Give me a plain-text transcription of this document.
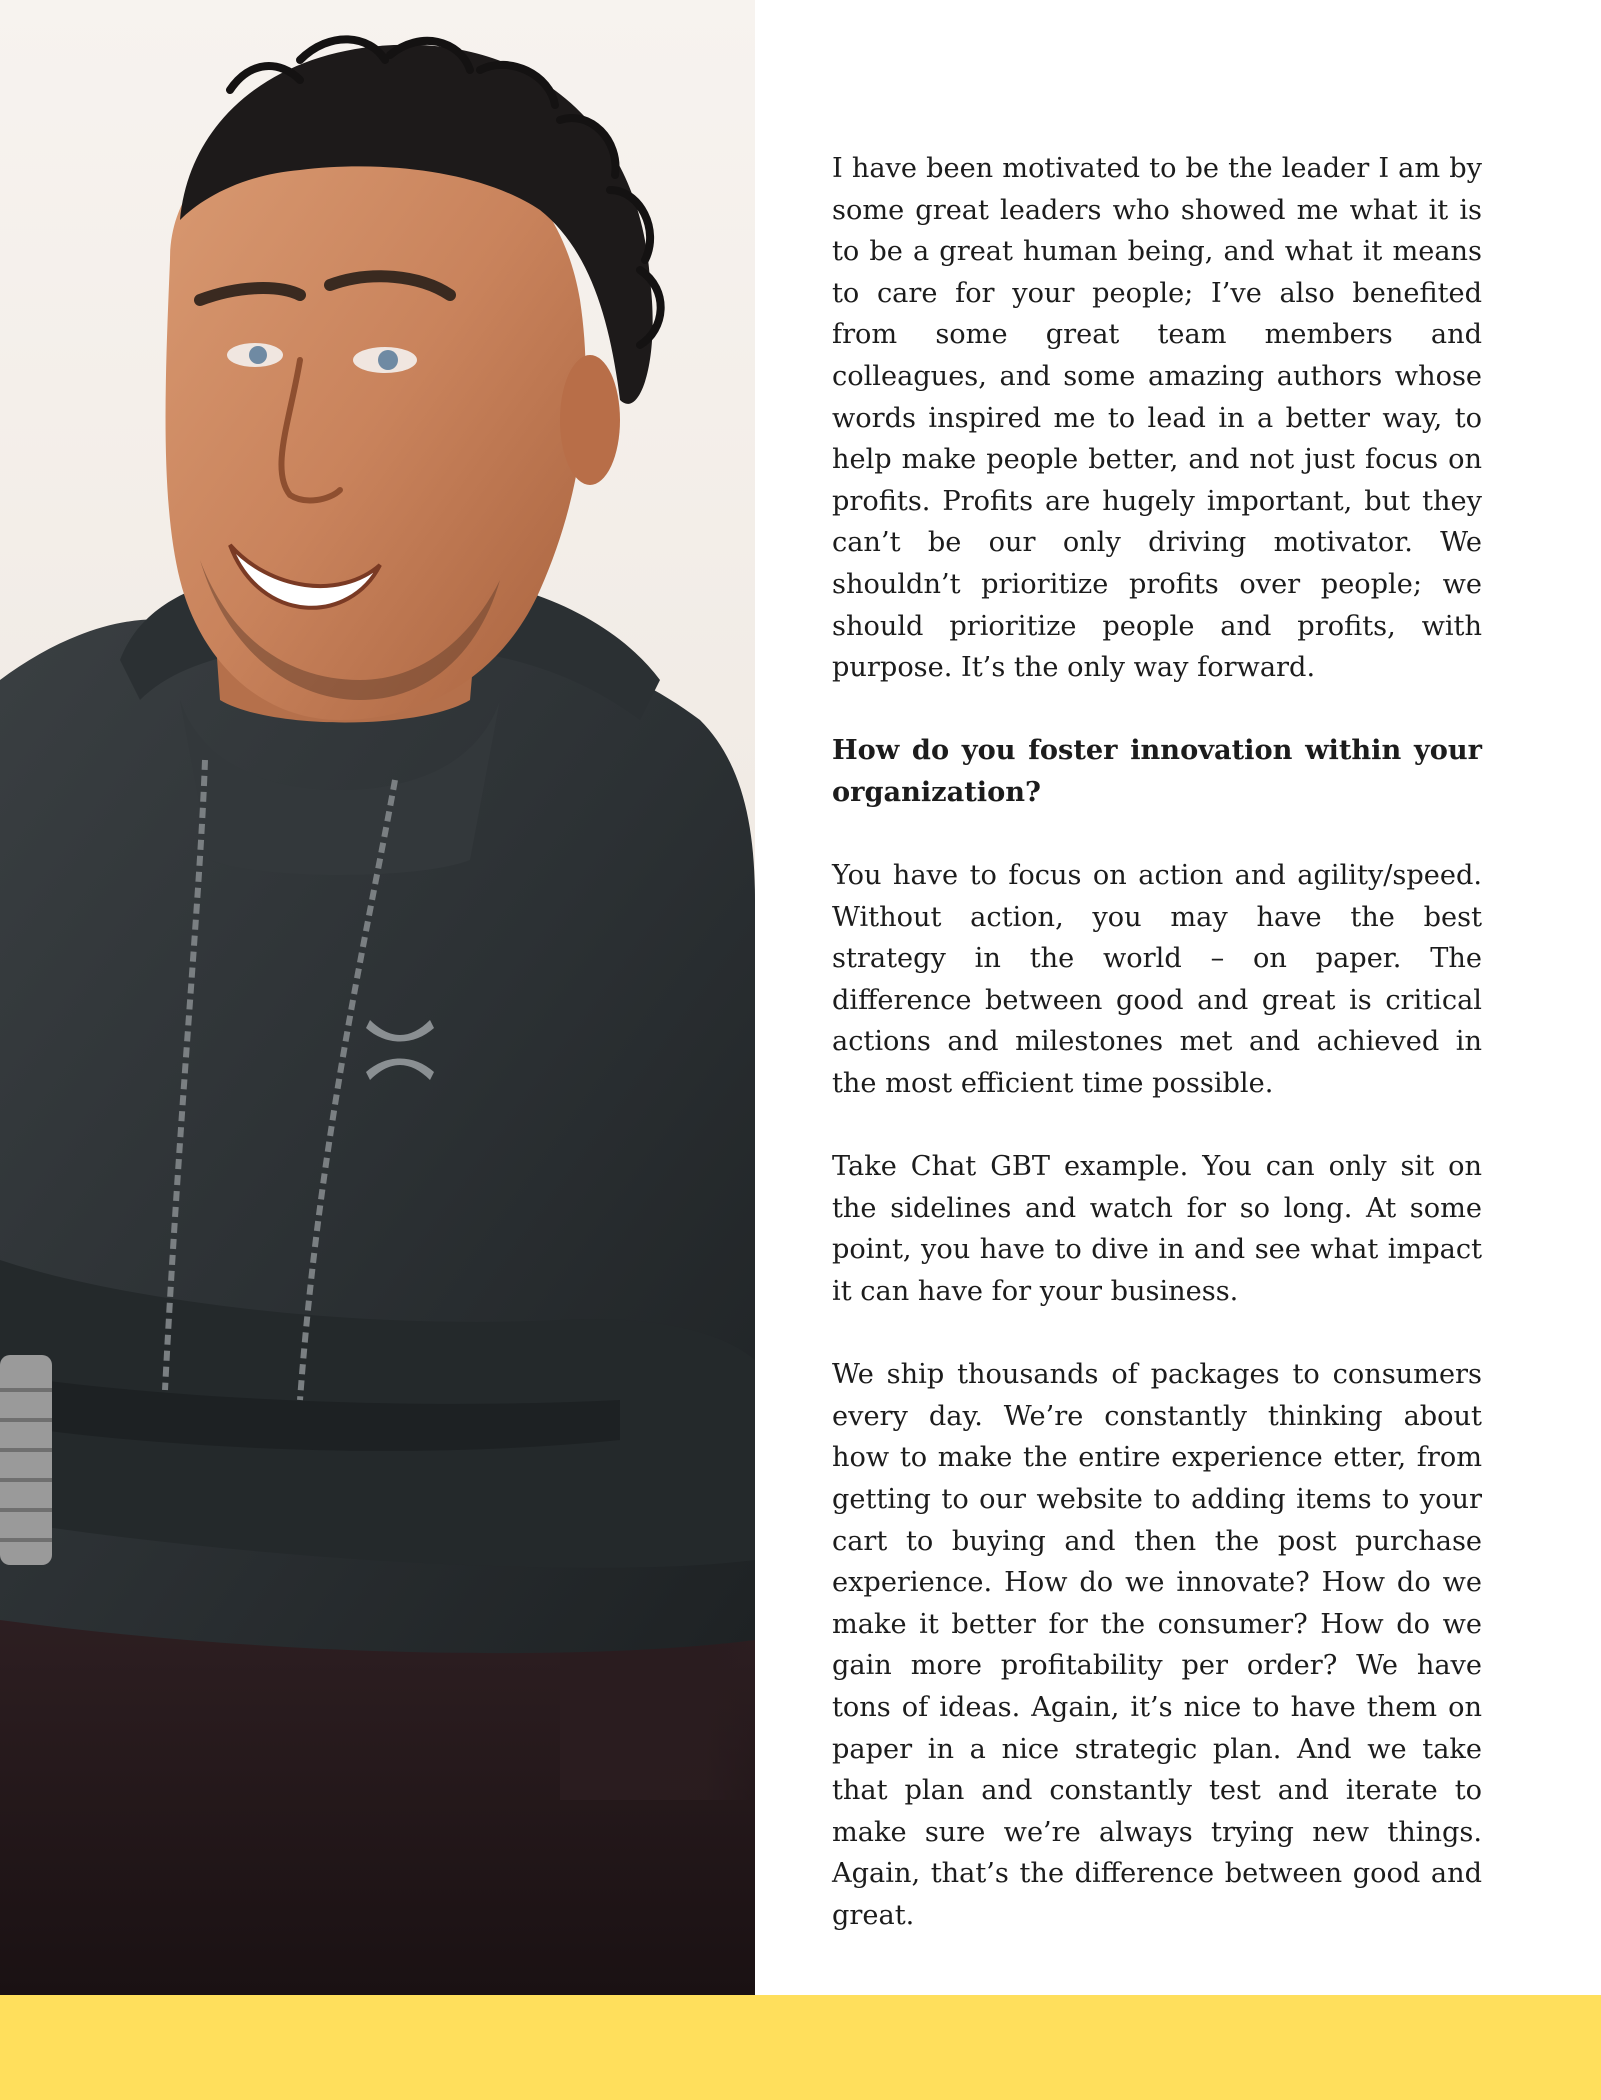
I have been motivated to be the leader I am by some great leaders who showed me what it is to be a great human being, and what it means to care for your people; I’ve also benefited from some great team members and colleagues, and some amazing authors whose words inspired me to lead in a better way, to help make people better, and not just focus on profits. Profits are hugely important, but they can’t be our only driving motivator. We shouldn’t prioritize profits over people; we should prioritize people and profits, with purpose. It’s the only way forward.

How do you foster innovation within your organization?

You have to focus on action and agility/speed. Without action, you may have the best strategy in the world – on paper. The difference between good and great is critical actions and milestones met and achieved in the most efficient time possible.

Take Chat GBT example. You can only sit on the sidelines and watch for so long. At some point, you have to dive in and see what impact it can have for your business.

We ship thousands of packages to consumers every day. We’re constantly thinking about how to make the entire experience etter, from getting to our website to adding items to your cart to buying and then the post purchase experience. How do we innovate? How do we make it better for the consumer? How do we gain more profitability per order? We have tons of ideas. Again, it’s nice to have them on paper in a nice strategic plan. And we take that plan and constantly test and iterate to make sure we’re always trying new things. Again, that’s the difference between good and great.
